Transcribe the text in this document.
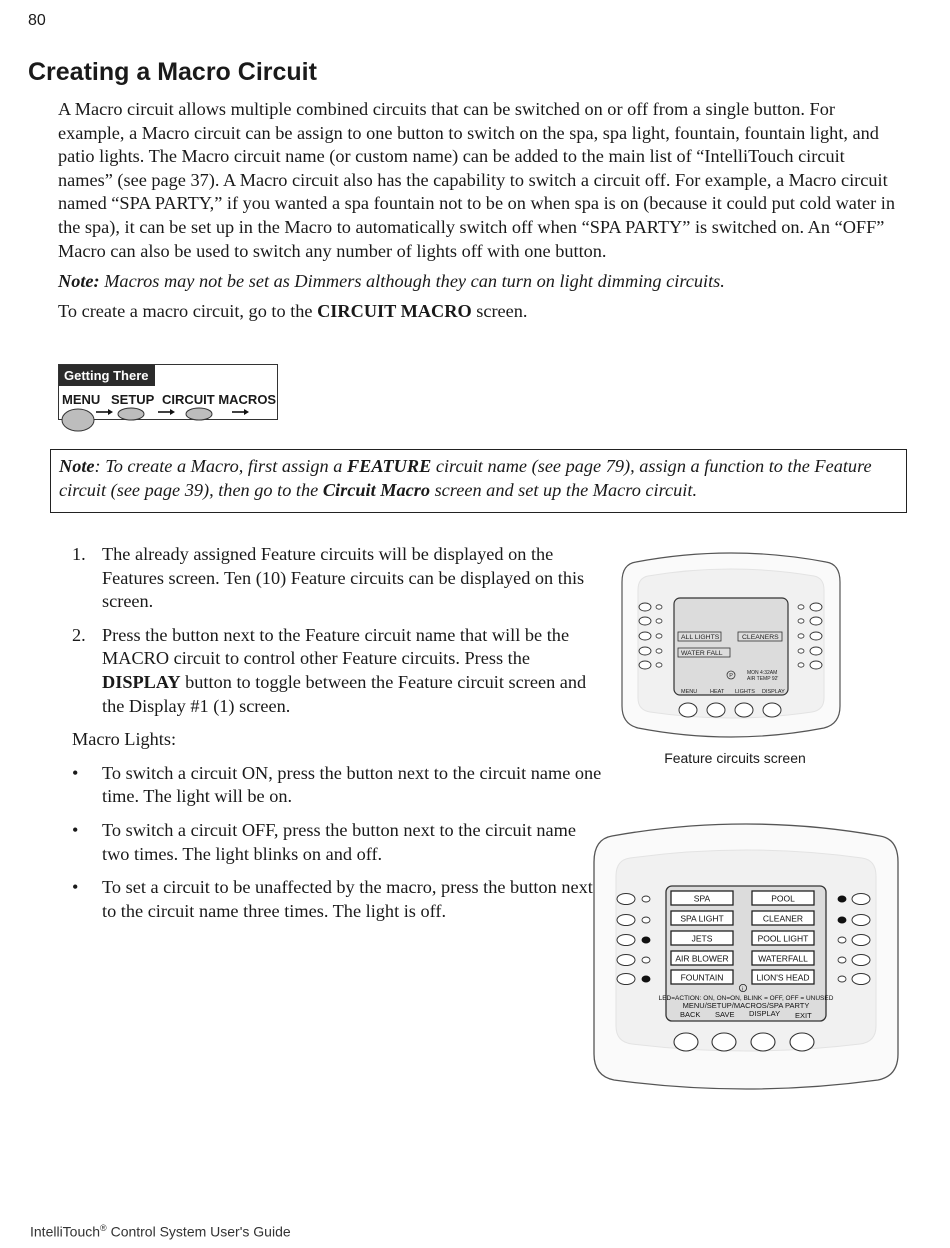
80
Creating a Macro Circuit

A Macro circuit allows multiple combined circuits that can be switched on or off from a single button. For example, a Macro circuit can be assign to one button to switch on the spa, spa light, fountain, fountain light, and patio lights. The Macro circuit name (or custom name) can be added to the main list of “IntelliTouch circuit names” (see page 37). A Macro circuit also has the capability to switch a circuit off. For example, a Macro circuit named “SPA PARTY,” if you wanted a spa fountain not to be on when spa is on (because it could put cold water in the spa), it can be set up in the Macro to automatically switch off when “SPA PARTY” is switched on. An “OFF” Macro can also be used to switch any number of lights off with one button.

Note: Macros may not be set as Dimmers although they can turn on light dimming circuits.

To create a macro circuit, go to the CIRCUIT MACRO screen.

Getting There
MENU SETUP CIRCUIT MACROS
Note: To create a Macro, first assign a FEATURE circuit name (see page 79), assign a function to the Feature circuit (see page 39), then go to the Circuit Macro screen and set up the Macro circuit.
1. The already assigned Feature circuits will be displayed on the Features screen. Ten (10) Feature circuits can be displayed on this screen.
2. Press the button next to the Feature circuit name that will be the MACRO circuit to control other Feature circuits. Press the DISPLAY button to toggle between the Feature circuit screen and the Display #1 (1) screen.

Macro Lights:

• To switch a circuit ON, press the button next to the circuit name one time. The light will be on.
• To switch a circuit OFF, press the button next to the circuit name two times. The light blinks on and off.
• To set a circuit to be unaffected by the macro, press the button next to the circuit name three times. The light is off.
ALL LIGHTS	CLEANERS
WATER FALL
P
MON 4:32AM
AIR TEMP 92'
MENU HEAT LIGHTS DISPLAY
Feature circuits screen
SPA
SPA LIGHT
JETS
AIR BLOWER
FOUNTAIN
POOL
CLEANER
POOL LIGHT
WATERFALL
LION'S HEAD
i
LED=ACTION: ON, ON=ON, BLINK = OFF, OFF = UNUSED
MENU/SETUP/MACROS/SPA PARTY
BACK SAVE DISPLAY EXIT
IntelliTouch® Control System User's Guide
